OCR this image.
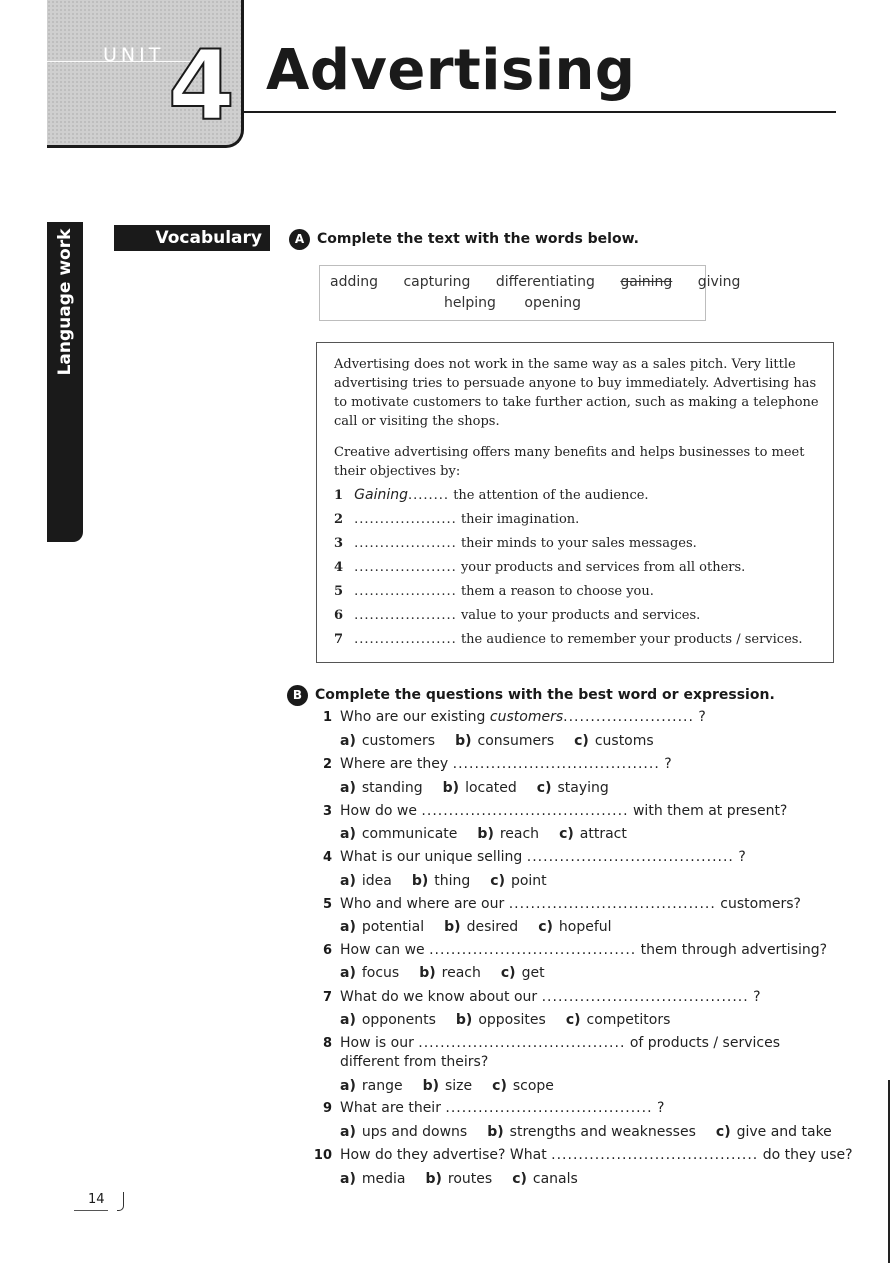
UNIT 4 Advertising
Language work	Vocabulary	A Complete the text with the words below.
adding capturing differentiating gaining giving
helping opening
Advertising does not work in the same way as a sales pitch. Very little advertising tries to persuade anyone to buy immediately. Advertising has to motivate customers to take further action, such as making a telephone call or visiting the shops.
Creative advertising offers many benefits and helps businesses to meet their objectives by:
1 Gaining........ the attention of the audience.
2 .................... their imagination.
3 .................... their minds to your sales messages.
4 .................... your products and services from all others.
5 .................... them a reason to choose you.
6 .................... value to your products and services.
7 .................... the audience to remember your products / services.
B Complete the questions with the best word or expression.
1 Who are our existing customers........................ ?
a) customers b) consumers c) customs
2 Where are they ...................................... ?
a) standing b) located c) staying
3 How do we ...................................... with them at present?
a) communicate b) reach c) attract
4 What is our unique selling ...................................... ?
a) idea b) thing c) point
5 Who and where are our ...................................... customers?
a) potential b) desired c) hopeful
6 How can we ...................................... them through advertising?
a) focus b) reach c) get
7 What do we know about our ...................................... ?
a) opponents b) opposites c) competitors
8 How is our ...................................... of products / services
different from theirs?
a) range b) size c) scope
9 What are their ...................................... ?
a) ups and downs b) strengths and weaknesses c) give and take
10 How do they advertise? What ...................................... do they use?
a) media b) routes c) canals
14
